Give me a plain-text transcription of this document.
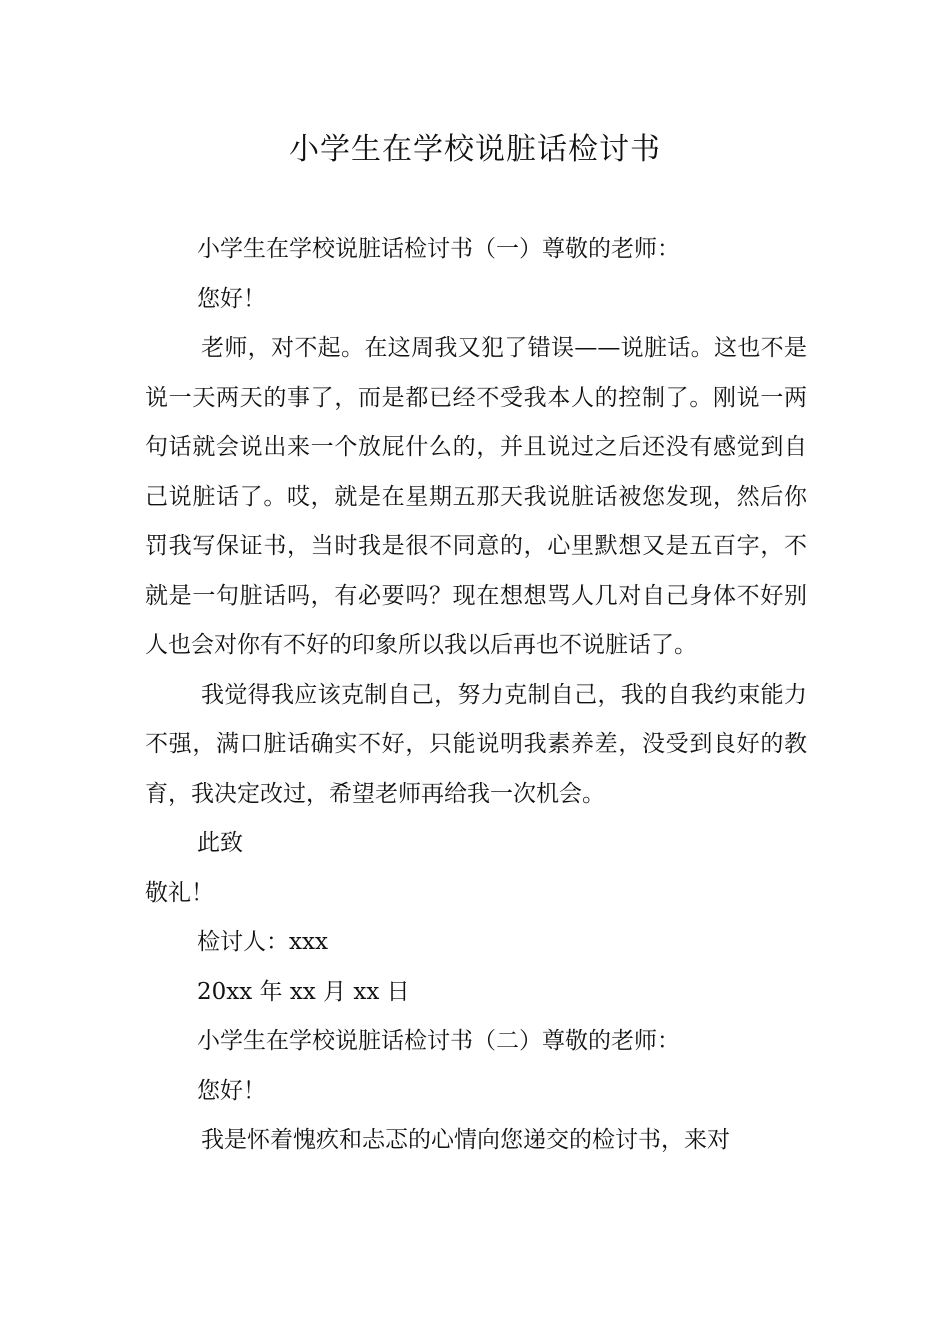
小学生在学校说脏话检讨书

小学生在学校说脏话检讨书（一）尊敬的老师：

您好！

老师，对不起。在这周我又犯了错误——说脏话。这也不是说一天两天的事了，而是都已经不受我本人的控制了。刚说一两句话就会说出来一个放屁什么的，并且说过之后还没有感觉到自己说脏话了。哎，就是在星期五那天我说脏话被您发现，然后你罚我写保证书，当时我是很不同意的，心里默想又是五百字，不就是一句脏话吗，有必要吗？现在想想骂人几对自己身体不好别人也会对你有不好的印象所以我以后再也不说脏话了。

我觉得我应该克制自己，努力克制自己，我的自我约束能力不强，满口脏话确实不好，只能说明我素养差，没受到良好的教育，我决定改过，希望老师再给我一次机会。

此致

敬礼！

检讨人：xxx

20xx 年 xx 月 xx 日

小学生在学校说脏话检讨书（二）尊敬的老师：

您好！

我是怀着愧疚和忐忑的心情向您递交的检讨书，来对
